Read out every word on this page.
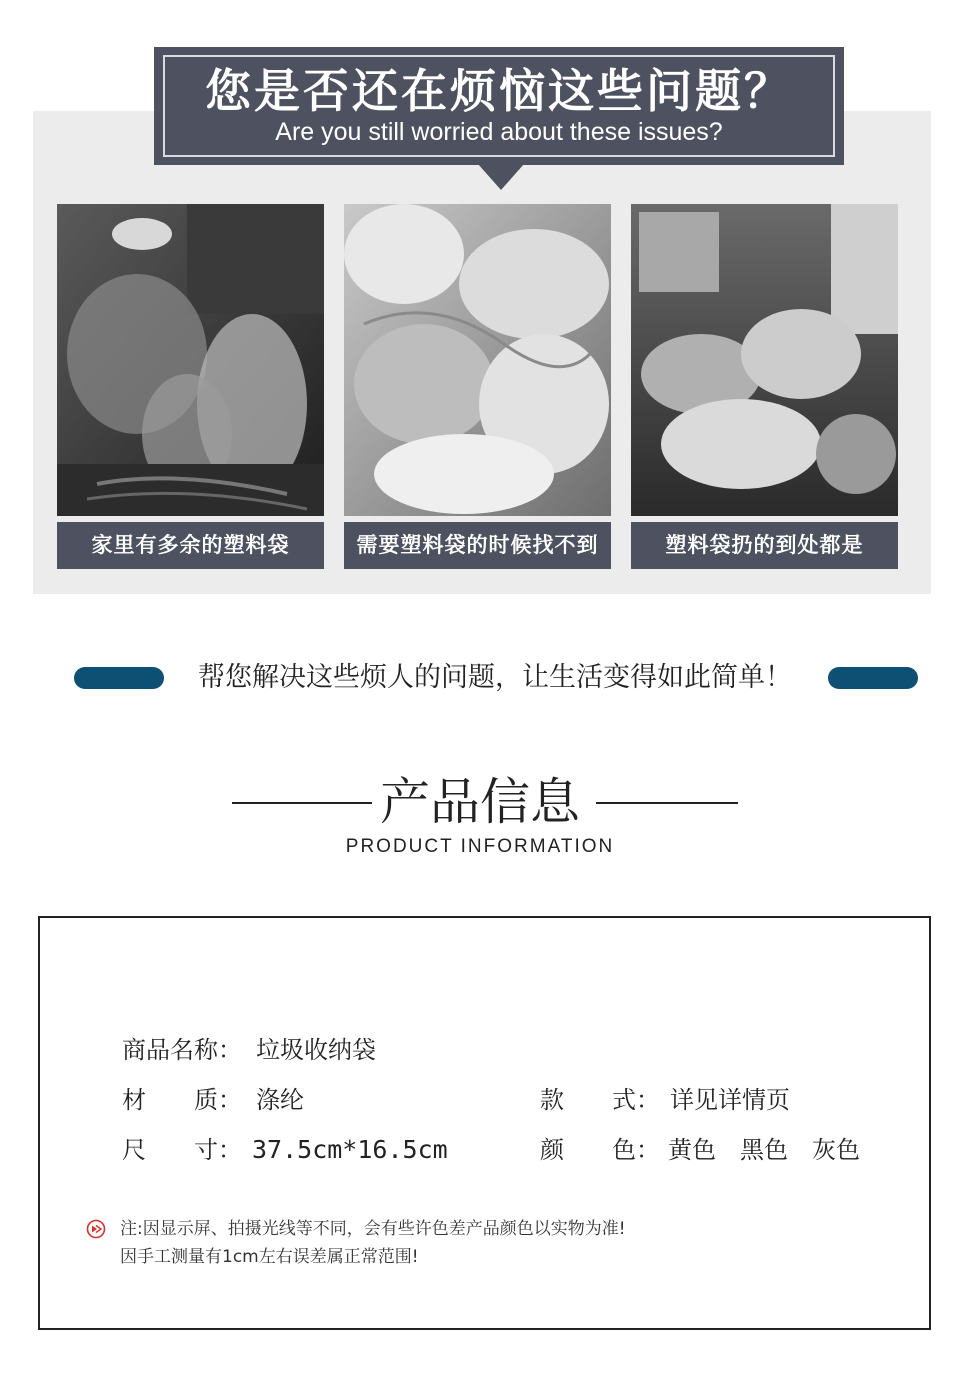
您是否还在烦恼这些问题？
Are you still worried about these issues?
家里有多余的塑料袋	需要塑料袋的时候找不到	塑料袋扔的到处都是
帮您解决这些烦人的问题，让生活变得如此简单！
产品信息
PRODUCT INFORMATION
商品名称： 垃圾收纳袋
材　　质： 涤纶	款　　式： 详见详情页
尺　　寸： 37.5cm*16.5cm	颜　　色： 黄色　黑色　灰色
注:因显示屏、拍摄光线等不同，会有些许色差产品颜色以实物为准!
因手工测量有1cm左右误差属正常范围!
